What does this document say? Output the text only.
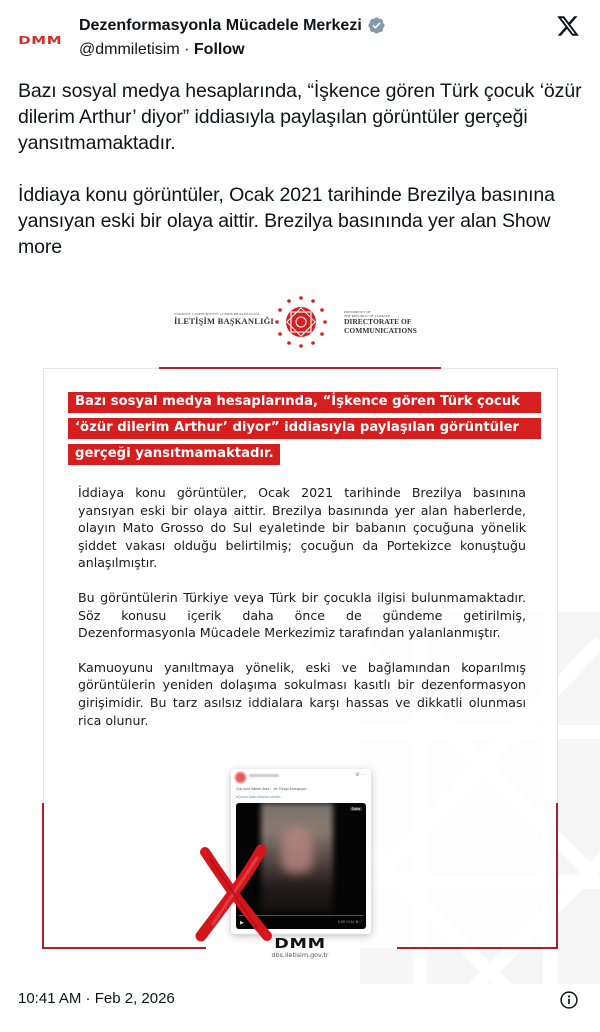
DMM
Dezenformasyonla Mücadele Merkezi
@dmmiletisim · Follow

Bazı sosyal medya hesaplarında, “İşkence gören Türk çocuk ‘özür dilerim Arthur’ diyor” iddiasıyla paylaşılan görüntüler gerçeği yansıtmamaktadır.

İddiaya konu görüntüler, Ocak 2021 tarihinde Brezilya basınına yansıyan eski bir olaya aittir. Brezilya basınında yer alan Show more

TÜRKİYE CUMHURİYETİ CUMHURBAŞKANLIĞI
İLETİŞİM BAŞKANLIĞI
PRESIDENCY OF
THE REPUBLIC OF TÜRKİYE
DIRECTORATE OF
COMMUNICATIONS
Bazı sosyal medya hesaplarında, “İşkence gören Türk çocuk ‘özür dilerim Arthur’ diyor” iddiasıyla paylaşılan görüntüler gerçeği yansıtmamaktadır.

İddiaya konu görüntüler, Ocak 2021 tarihinde Brezilya basınına yansıyan eski bir olaya aittir. Brezilya basınında yer alan haberlerde, olayın Mato Grosso do Sul eyaletinde bir babanın çocuğuna yönelik şiddet vakası olduğu belirtilmiş; çocuğun da Portekizce konuştuğu anlaşılmıştır.

Bu görüntülerin Türkiye veya Türk bir çocukla ilgisi bulunmamaktadır. Söz konusu içerik daha önce de gündeme getirilmiş, Dezenformasyonla Mücadele Merkezimiz tarafından yalanlanmıştır.

Kamuoyunu yanıltmaya yönelik, eski ve bağlamından koparılmış görüntülerin yeniden dolaşıma sokulması kasıtlı bir dezenformasyon girişimidir. Bu tarz asılsız iddialara karşı hassas ve dikkatli olunması rica olunur.

⚙ ···
Çok özür dilerim Artur... Ve Türkçe konuşuyor...
#Çocuk Allah belanızı versin...
Daha
▶	0:00 / 0:14 ⚙ ⛶
DMM
dbs.iletisim.gov.tr
10:41 AM · Feb 2, 2026
